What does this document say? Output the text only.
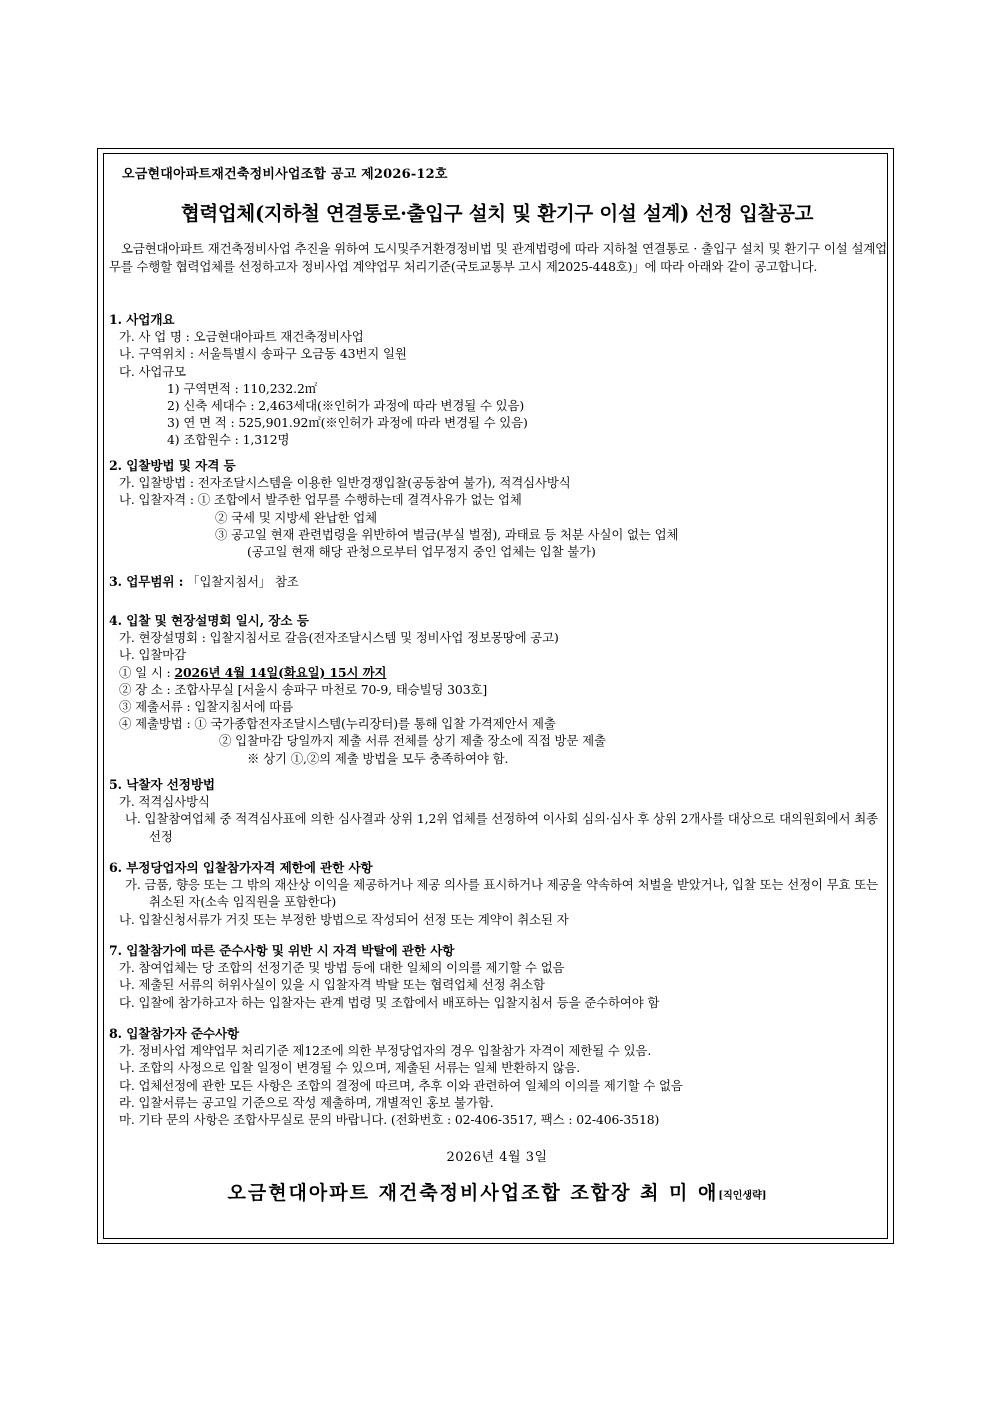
오금현대아파트재건축정비사업조합 공고 제2026-12호
협력업체(지하철 연결통로·출입구 설치 및 환기구 이설 설계) 선정 입찰공고
오금현대아파트 재건축정비사업 추진을 위하여 도시및주거환경정비법 및 관계법령에 따라 지하철 연결통로 · 출입구 설치 및 환기구 이설 설계업무를 수행할 협력업체를 선정하고자 정비사업 계약업무 처리기준(국토교통부 고시 제2025-448호)」에 따라 아래와 같이 공고합니다.
1. 사업개요
가. 사 업 명 : 오금현대아파트 재건축정비사업
나. 구역위치 : 서울특별시 송파구 오금동 43번지 일원
다. 사업규모
1) 구역면적 : 110,232.2㎡
2) 신축 세대수 : 2,463세대(※인허가 과정에 따라 변경될 수 있음)
3) 연 면 적 : 525,901.92㎡(※인허가 과정에 따라 변경될 수 있음)
4) 조합원수 : 1,312명
2. 입찰방법 및 자격 등
가. 입찰방법 : 전자조달시스템을 이용한 일반경쟁입찰(공동참여 불가), 적격심사방식
나. 입찰자격 : ① 조합에서 발주한 업무를 수행하는데 결격사유가 없는 업체
② 국세 및 지방세 완납한 업체
③ 공고일 현재 관련법령을 위반하여 벌금(부실 벌점), 과태료 등 처분 사실이 없는 업체
(공고일 현재 해당 관청으로부터 업무정지 중인 업체는 입찰 불가)
3. 업무범위 : 「입찰지침서」 참조
4. 입찰 및 현장설명회 일시, 장소 등
가. 현장설명회 : 입찰지침서로 갈음(전자조달시스템 및 정비사업 정보몽땅에 공고)
나. 입찰마감
① 일 시 : 2026년 4월 14일(화요일) 15시 까지
② 장 소 : 조합사무실 [서울시 송파구 마천로 70-9, 태승빌딩 303호]
③ 제출서류 : 입찰지침서에 따름
④ 제출방법 : ① 국가종합전자조달시스템(누리장터)를 통해 입찰 가격제안서 제출
② 입찰마감 당일까지 제출 서류 전체를 상기 제출 장소에 직접 방문 제출
※ 상기 ①,②의 제출 방법을 모두 충족하여야 함.
5. 낙찰자 선정방법
가. 적격심사방식
나. 입찰참여업체 중 적격심사표에 의한 심사결과 상위 1,2위 업체를 선정하여 이사회 심의·심사 후 상위 2개사를 대상으로 대의원회에서 최종 선정
6. 부정당업자의 입찰참가자격 제한에 관한 사항
가. 금품, 향응 또는 그 밖의 재산상 이익을 제공하거나 제공 의사를 표시하거나 제공을 약속하여 처벌을 받았거나, 입찰 또는 선정이 무효 또는 취소된 자(소속 임직원을 포함한다)
나. 입찰신청서류가 거짓 또는 부정한 방법으로 작성되어 선정 또는 계약이 취소된 자
7. 입찰참가에 따른 준수사항 및 위반 시 자격 박탈에 관한 사항
가. 참여업체는 당 조합의 선정기준 및 방법 등에 대한 일체의 이의를 제기할 수 없음
나. 제출된 서류의 허위사실이 있을 시 입찰자격 박탈 또는 협력업체 선정 취소함
다. 입찰에 참가하고자 하는 입찰자는 관계 법령 및 조합에서 배포하는 입찰지침서 등을 준수하여야 함
8. 입찰참가자 준수사항
가. 정비사업 계약업무 처리기준 제12조에 의한 부정당업자의 경우 입찰참가 자격이 제한될 수 있음.
나. 조합의 사정으로 입찰 일정이 변경될 수 있으며, 제출된 서류는 일체 반환하지 않음.
다. 업체선정에 관한 모든 사항은 조합의 결정에 따르며, 추후 이와 관련하여 일체의 이의를 제기할 수 없음
라. 입찰서류는 공고일 기준으로 작성 제출하며, 개별적인 홍보 불가함.
마. 기타 문의 사항은 조합사무실로 문의 바랍니다. (전화번호 : 02-406-3517, 팩스 : 02-406-3518)
2026년 4월 3일
오금현대아파트 재건축정비사업조합 조합장 최 미 애[직인생략]
